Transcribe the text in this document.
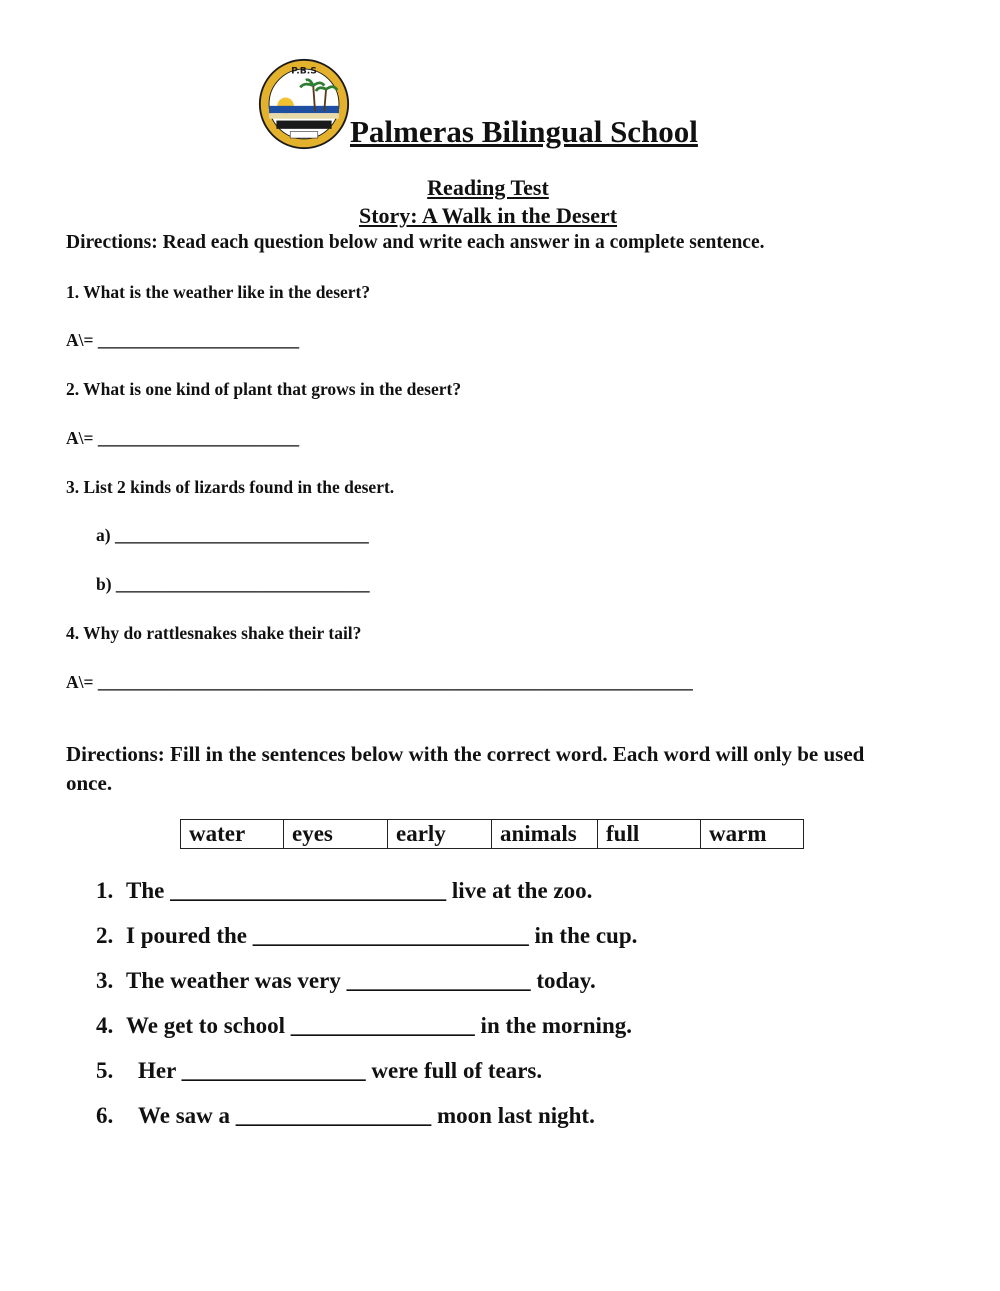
P.B.S
Palmeras Bilingual School
Reading Test
Story: A Walk in the Desert
Directions: Read each question below and write each answer in a complete sentence.
1. What is the weather like in the desert?
A\= _______________________
2. What is one kind of plant that grows in the desert?
A\= _______________________
3. List 2 kinds of lizards found in the desert.
a) _____________________________
b) _____________________________
4. Why do rattlesnakes shake their tail?
A\= ____________________________________________________________________
Directions: Fill in the sentences below with the correct word. Each word will only be used once.
water	eyes	early	animals	full	warm
1. The ________________________ live at the zoo.
2. I poured the ________________________ in the cup.
3. The weather was very ________________ today.
4. We get to school ________________ in the morning.
5. Her ________________ were full of tears.
6. We saw a _________________ moon last night.
